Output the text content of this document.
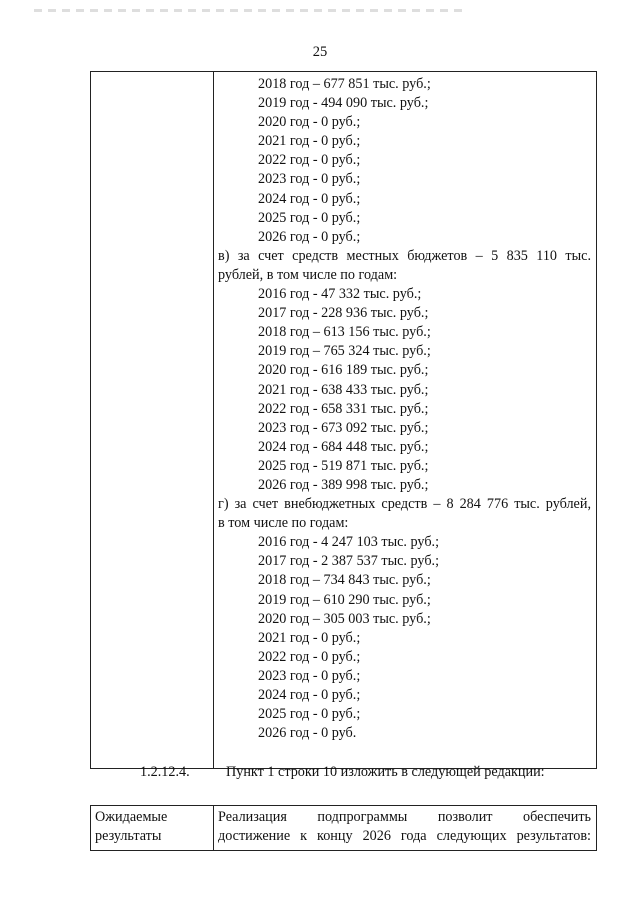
25
2018 год – 677 851 тыс. руб.;
2019 год - 494 090 тыс. руб.;
2020 год - 0 руб.;
2021 год - 0 руб.;
2022 год - 0 руб.;
2023 год - 0 руб.;
2024 год - 0 руб.;
2025 год - 0 руб.;
2026 год - 0 руб.;
в) за счет средств местных бюджетов – 5 835 110 тыс.
рублей, в том числе по годам:
2016 год - 47 332 тыс. руб.;
2017 год - 228 936 тыс. руб.;
2018 год – 613 156 тыс. руб.;
2019 год – 765 324 тыс. руб.;
2020 год - 616 189 тыс. руб.;
2021 год - 638 433 тыс. руб.;
2022 год - 658 331 тыс. руб.;
2023 год - 673 092 тыс. руб.;
2024 год - 684 448 тыс. руб.;
2025 год - 519 871 тыс. руб.;
2026 год - 389 998 тыс. руб.;
г) за счет внебюджетных средств – 8 284 776 тыс. рублей,
в том числе по годам:
2016 год - 4 247 103 тыс. руб.;
2017 год - 2 387 537 тыс. руб.;
2018 год – 734 843 тыс. руб.;
2019 год – 610 290 тыс. руб.;
2020 год – 305 003 тыс. руб.;
2021 год - 0 руб.;
2022 год - 0 руб.;
2023 год - 0 руб.;
2024 год - 0 руб.;
2025 год - 0 руб.;
2026 год - 0 руб.
1.2.12.4.	Пункт 1 строки 10 изложить в следующей редакции:
Ожидаемые
результаты
Реализация подпрограммы позволит обеспечить
достижение к концу 2026 года следующих результатов:
